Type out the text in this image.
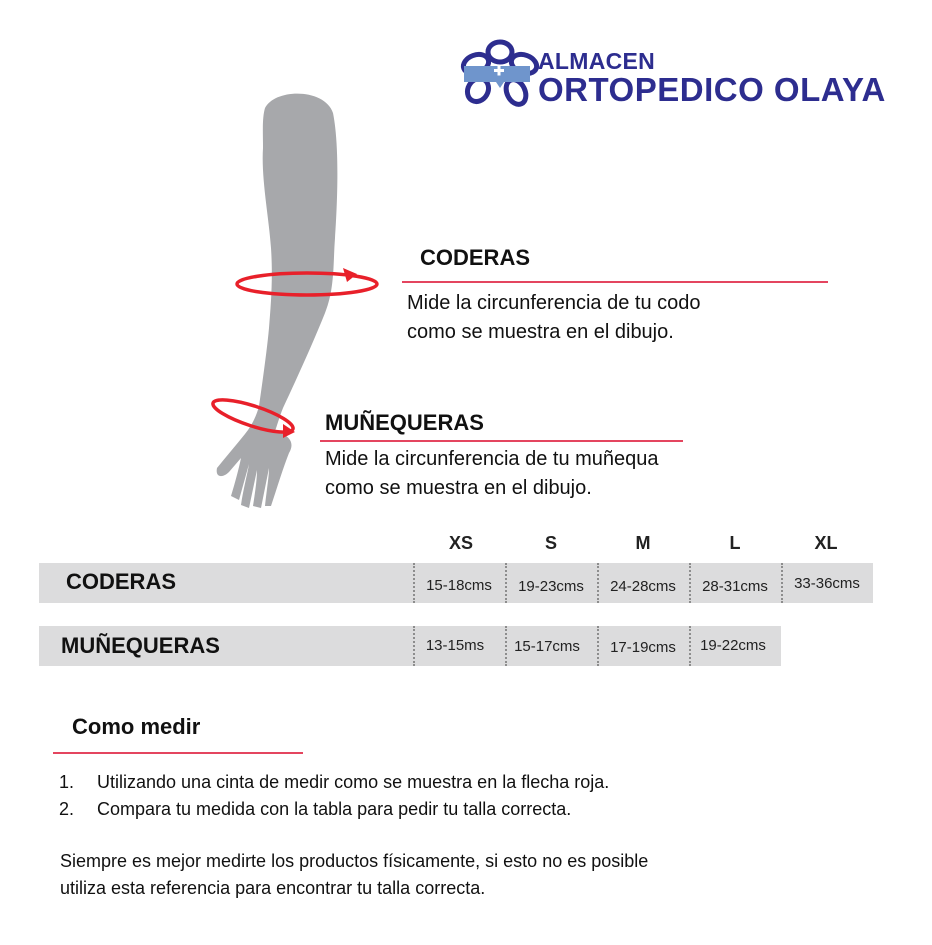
ALMACEN
ORTOPEDICO OLAYA
CODERAS
Mide la circunferencia de tu codo
como se muestra en el dibujo.
MUÑEQUERAS
Mide la circunferencia de tu muñequa
como se muestra en el dibujo.
XS	S	M	L	XL
CODERAS	15-18cms	19-23cms	24-28cms	28-31cms	33-36cms
MUÑEQUERAS	13-15ms	15-17cms	17-19cms	19-22cms
Como medir
1. Utilizando una cinta de medir como se muestra en la flecha roja.
2. Compara tu medida con la tabla para pedir tu talla correcta.
Siempre es mejor medirte los productos físicamente, si esto no es posible
utiliza esta referencia para encontrar tu talla correcta.
